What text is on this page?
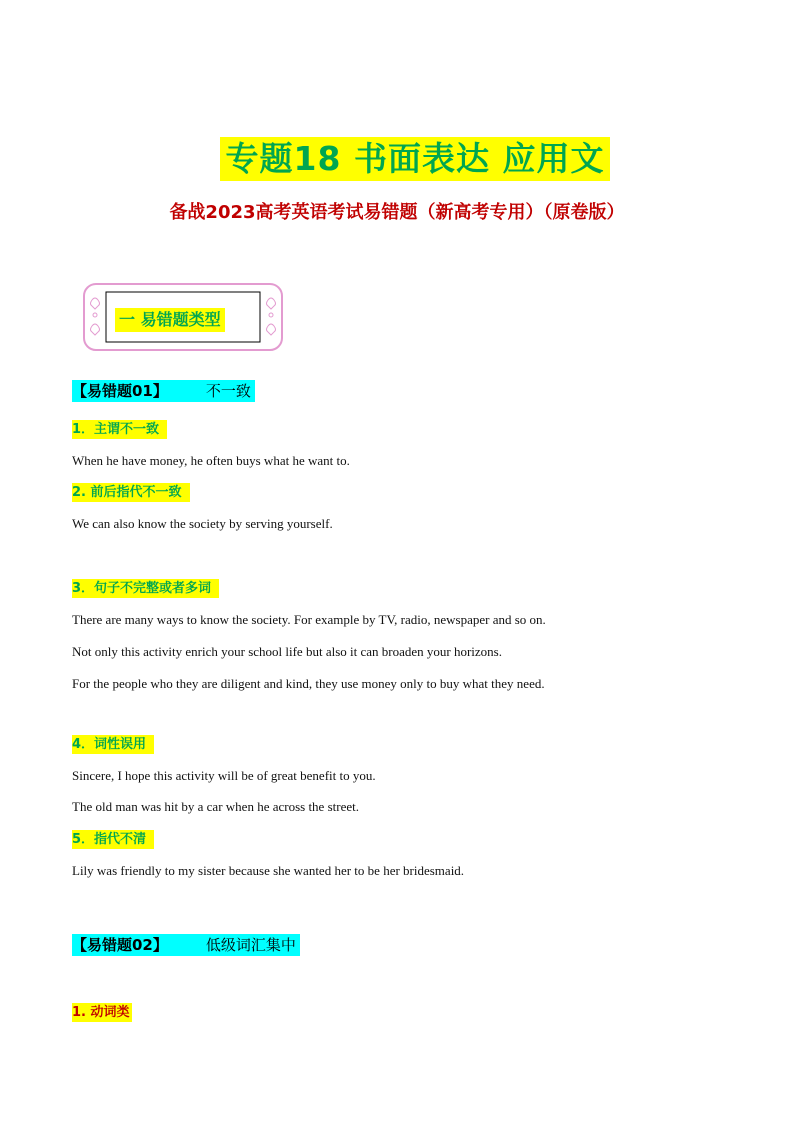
专题18 书面表达 应用文
备战2023高考英语考试易错题（新高考专用）（原卷版）
一 易错题类型
【易错题01】	不一致
1．主谓不一致
When he have money, he often buys what he want to.
2. 前后指代不一致
We can also know the society by serving yourself.
3．句子不完整或者多词
There are many ways to know the society. For example by TV, radio, newspaper and so on.
Not only this activity enrich your school life but also it can broaden your horizons.
For the people who they are diligent and kind, they use money only to buy what they need.
4．词性误用
Sincere, I hope this activity will be of great benefit to you.
The old man was hit by a car when he across the street.
5．指代不清
Lily was friendly to my sister because she wanted her to be her bridesmaid.
【易错题02】	低级词汇集中
1. 动词类
